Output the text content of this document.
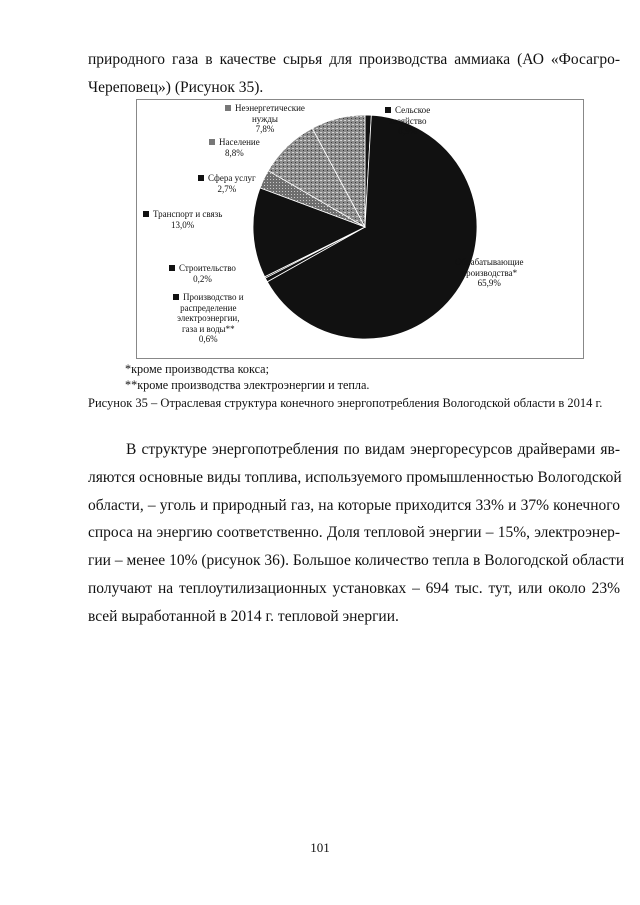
природного газа в качестве сырья для производства аммиака (АО «Фосагро-
Череповец») (Рисунок 35).
Неэнергетические
нужды
7,8%
Сельское
хозяйство
0,9%
Население
8,8%
Сфера услуг
2,7%
Транспорт и связь
13,0%
Обрабатывающие
производства*
65,9%
Строительство
0,2%
Производство и
распределение
электроэнергии,
газа и воды**
0,6%
*кроме производства кокса;
**кроме производства электроэнергии и тепла.
Рисунок 35 – Отраслевая структура конечного энергопотребления Вологодской области в 2014 г.
В структуре энергопотребления по видам энергоресурсов драйверами яв-
ляются основные виды топлива, используемого промышленностью Вологодской
области, – уголь и природный газ, на которые приходится 33% и 37% конечного
спроса на энергию соответственно. Доля тепловой энергии – 15%, электроэнер-
гии – менее 10% (рисунок 36). Большое количество тепла в Вологодской области
получают на теплоутилизационных установках – 694 тыс. тут, или около 23%
всей выработанной в 2014 г. тепловой энергии.
101
